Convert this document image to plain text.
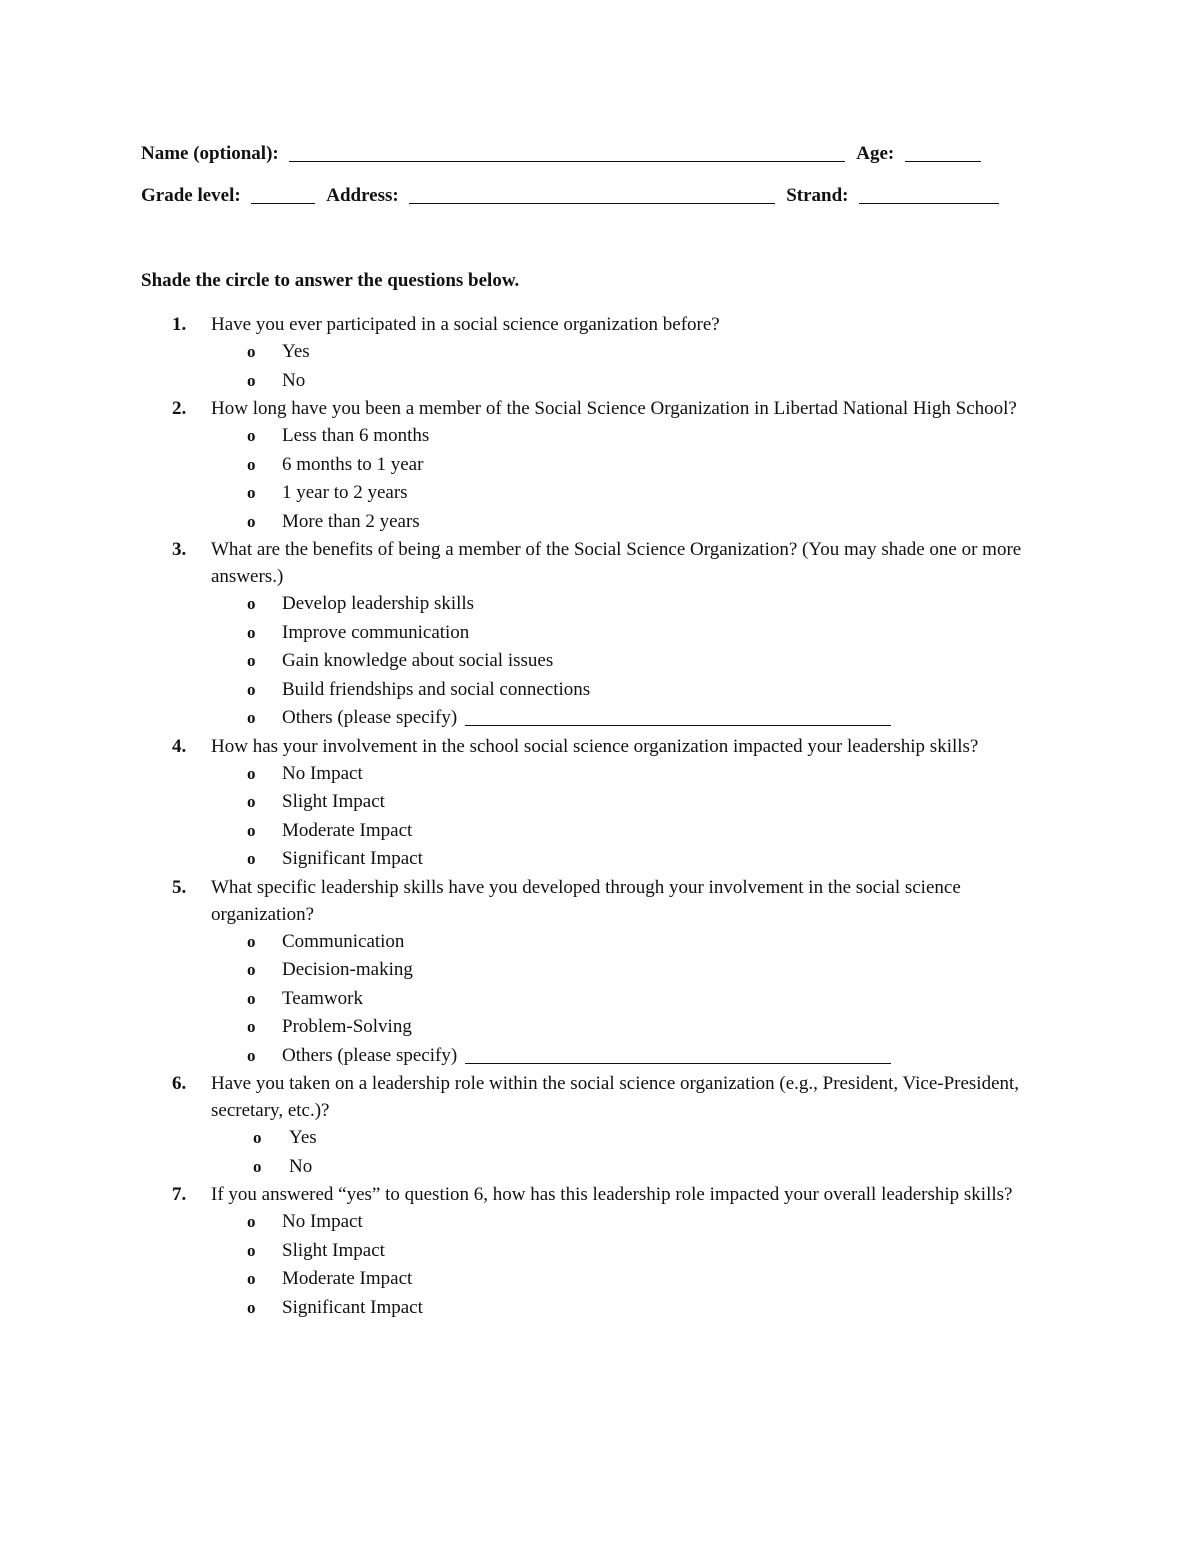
Name (optional):	Age:
Grade level:	Address:	Strand:
Shade the circle to answer the questions below.
1.	Have you ever participated in a social science organization before?
o Yes
o No
2.	How long have you been a member of the Social Science Organization in Libertad National High School?
o Less than 6 months
o 6 months to 1 year
o 1 year to 2 years
o More than 2 years
3.	What are the benefits of being a member of the Social Science Organization? (You may shade one or more answers.)
o Develop leadership skills
o Improve communication
o Gain knowledge about social issues
o Build friendships and social connections
o Others (please specify)
4.	How has your involvement in the school social science organization impacted your leadership skills?
o No Impact
o Slight Impact
o Moderate Impact
o Significant Impact
5.	What specific leadership skills have you developed through your involvement in the social science organization?
o Communication
o Decision-making
o Teamwork
o Problem-Solving
o Others (please specify)
6.	Have you taken on a leadership role within the social science organization (e.g., President, Vice-President, secretary, etc.)?
o Yes
o No
7.	If you answered “yes” to question 6, how has this leadership role impacted your overall leadership skills?
o No Impact
o Slight Impact
o Moderate Impact
o Significant Impact
